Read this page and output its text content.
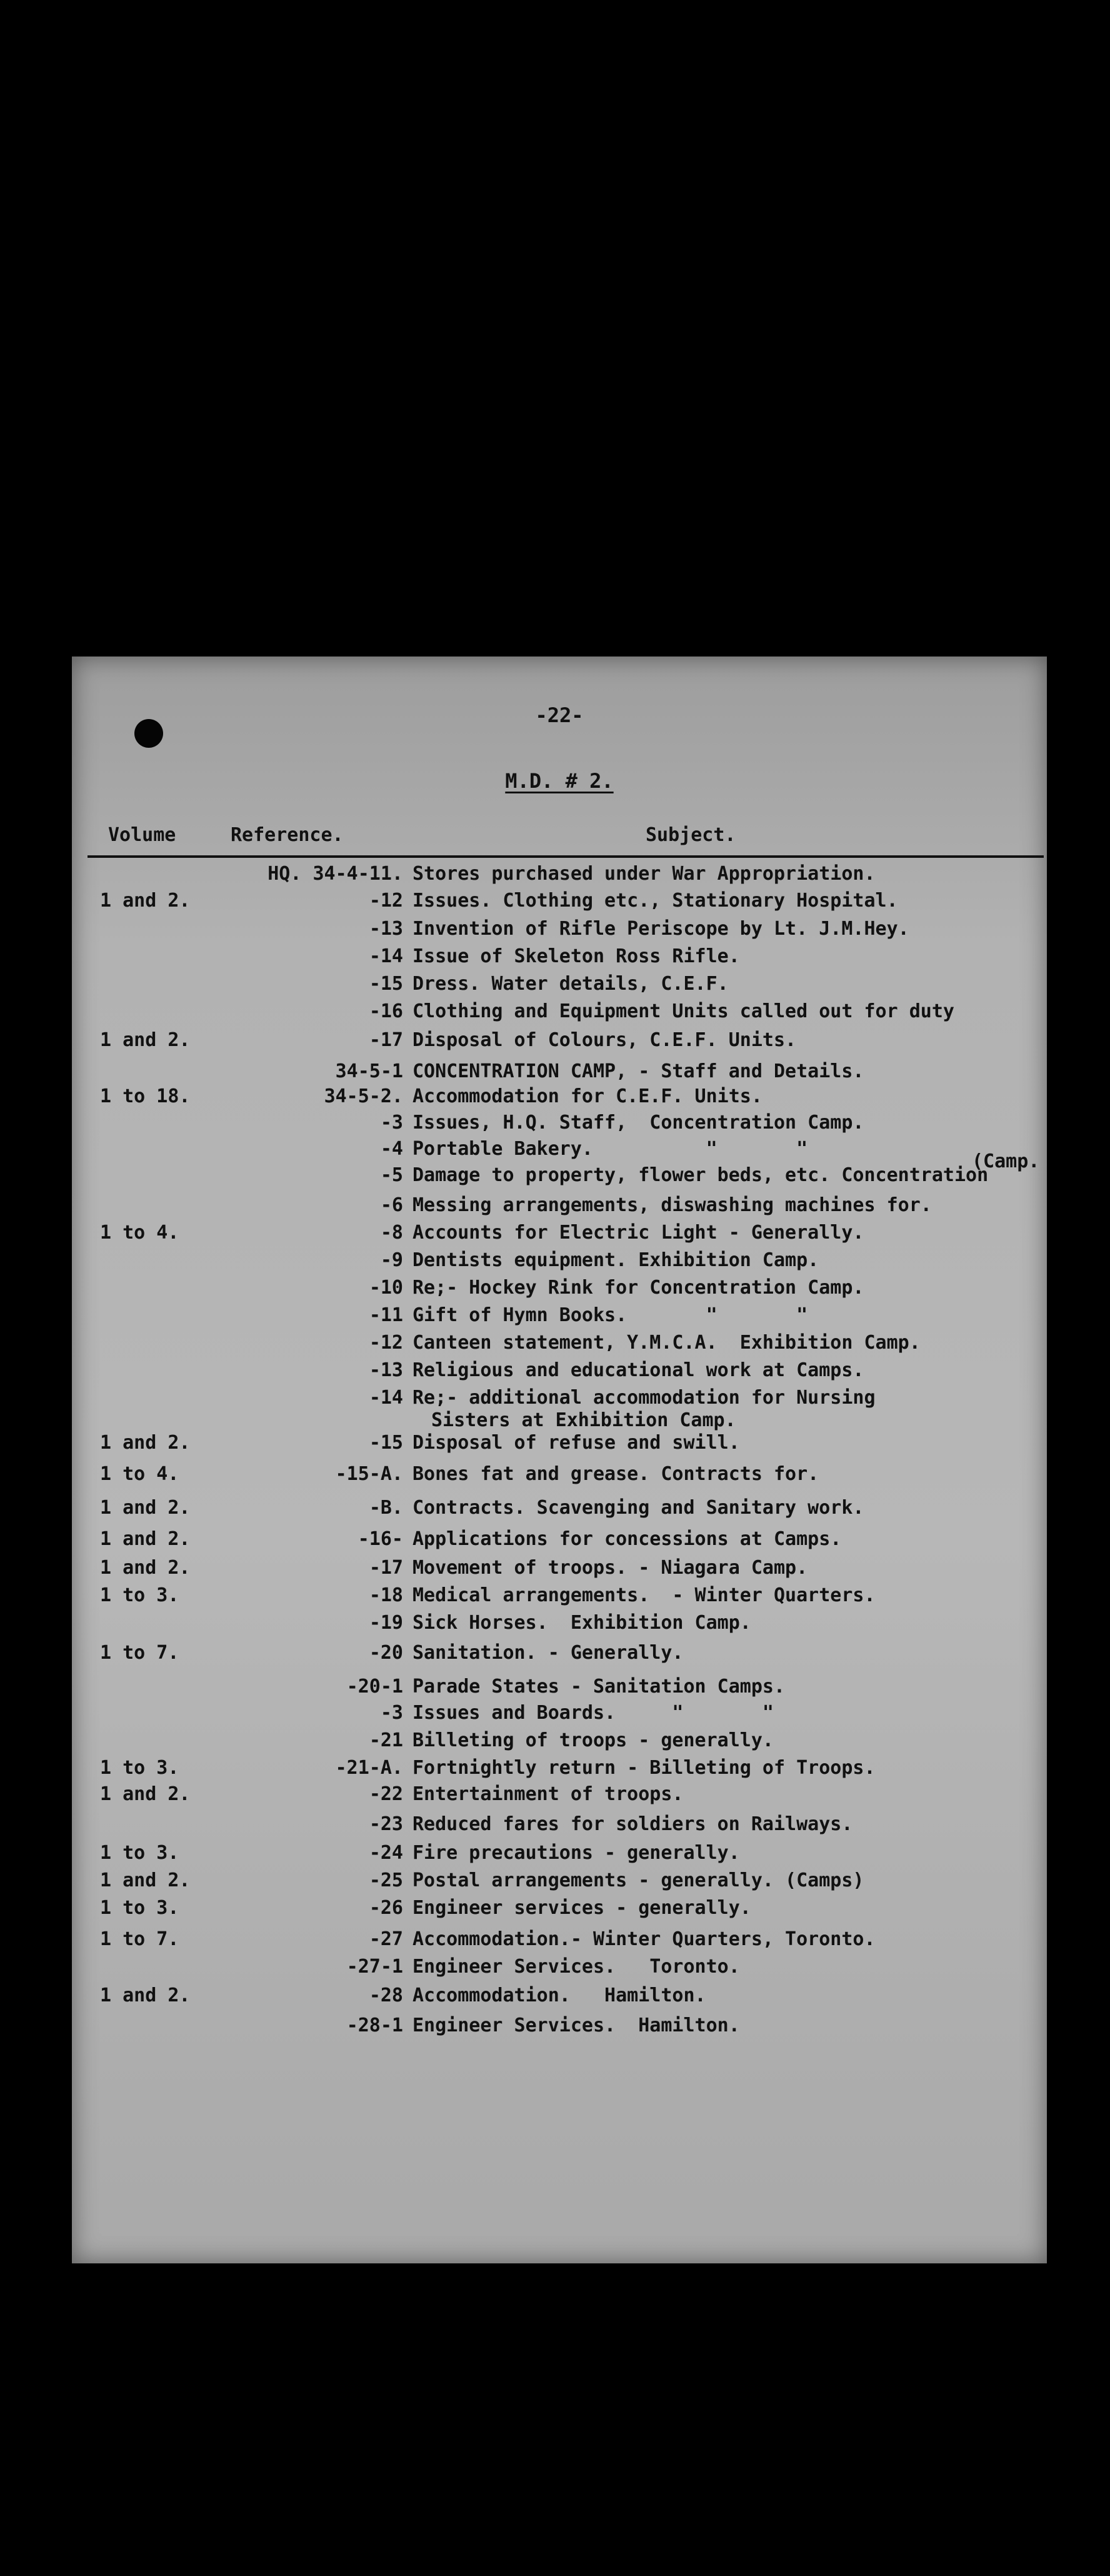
-22-
M.D. # 2.
Volume	Reference.	Subject.
HQ. 34-4-11. Stores purchased under War Appropriation.
1 and 2.	-12 Issues. Clothing etc., Stationary Hospital.
-13 Invention of Rifle Periscope by Lt. J.M.Hey.
-14 Issue of Skeleton Ross Rifle.
-15 Dress. Water details, C.E.F.
-16 Clothing and Equipment Units called out for duty
1 and 2.	-17 Disposal of Colours, C.E.F. Units.
34-5-1 CONCENTRATION CAMP, - Staff and Details.
1 to 18.	34-5-2. Accommodation for C.E.F. Units.
-3 Issues, H.Q. Staff,  Concentration Camp.
-4 Portable Bakery.          "       "
-5 Damage to property, flower beds, etc. Concentration
(Camp.
-6 Messing arrangements, diswashing machines for.
1 to 4.	-8 Accounts for Electric Light - Generally.
-9 Dentists equipment. Exhibition Camp.
-10 Re;- Hockey Rink for Concentration Camp.
-11 Gift of Hymn Books.       "       "
-12 Canteen statement, Y.M.C.A.  Exhibition Camp.
-13 Religious and educational work at Camps.
-14 Re;- additional accommodation for Nursing
Sisters at Exhibition Camp.
1 and 2.	-15 Disposal of refuse and swill.
1 to 4.	-15-A. Bones fat and grease. Contracts for.
1 and 2.	-B. Contracts. Scavenging and Sanitary work.
1 and 2.	-16- Applications for concessions at Camps.
1 and 2.	-17 Movement of troops. - Niagara Camp.
1 to 3.	-18 Medical arrangements.  - Winter Quarters.
-19 Sick Horses.  Exhibition Camp.
1 to 7.	-20 Sanitation. - Generally.
-20-1 Parade States - Sanitation Camps.
-3 Issues and Boards.     "       "
-21 Billeting of troops - generally.
1 to 3.	-21-A. Fortnightly return - Billeting of Troops.
1 and 2.	-22 Entertainment of troops.
-23 Reduced fares for soldiers on Railways.
1 to 3.	-24 Fire precautions - generally.
1 and 2.	-25 Postal arrangements - generally. (Camps)
1 to 3.	-26 Engineer services - generally.
1 to 7.	-27 Accommodation.- Winter Quarters, Toronto.
-27-1 Engineer Services.   Toronto.
1 and 2.	-28 Accommodation.   Hamilton.
-28-1 Engineer Services.  Hamilton.
